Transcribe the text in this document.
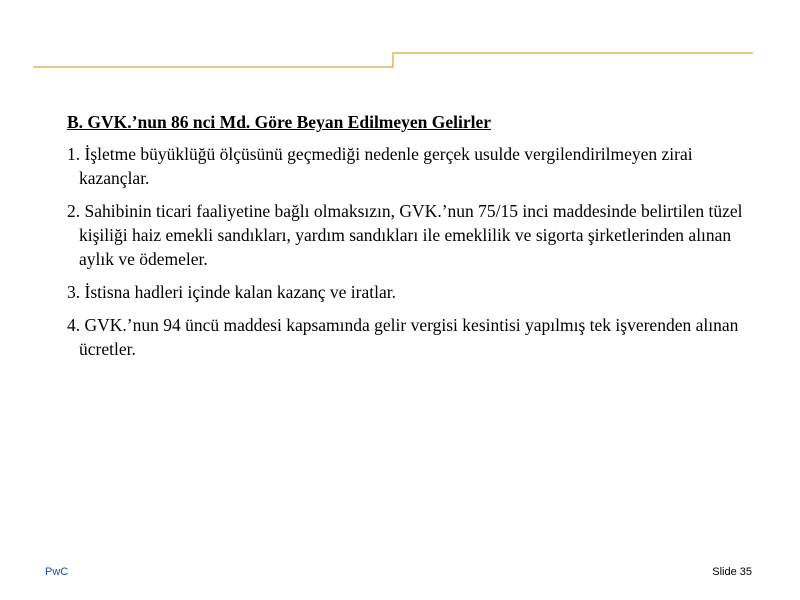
B. GVK.’nun 86 nci Md. Göre Beyan Edilmeyen Gelirler
1. İşletme büyüklüğü ölçüsünü geçmediği nedenle gerçek usulde vergilendirilmeyen zirai kazançlar.
2. Sahibinin ticari faaliyetine bağlı olmaksızın, GVK.’nun 75/15 inci maddesinde belirtilen tüzel kişiliği haiz emekli sandıkları, yardım sandıkları ile emeklilik ve sigorta şirketlerinden alınan aylık ve ödemeler.
3. İstisna hadleri içinde kalan kazanç ve iratlar.
4. GVK.’nun 94 üncü maddesi kapsamında gelir vergisi kesintisi yapılmış tek işverenden alınan ücretler.
PwC	Slide 35
